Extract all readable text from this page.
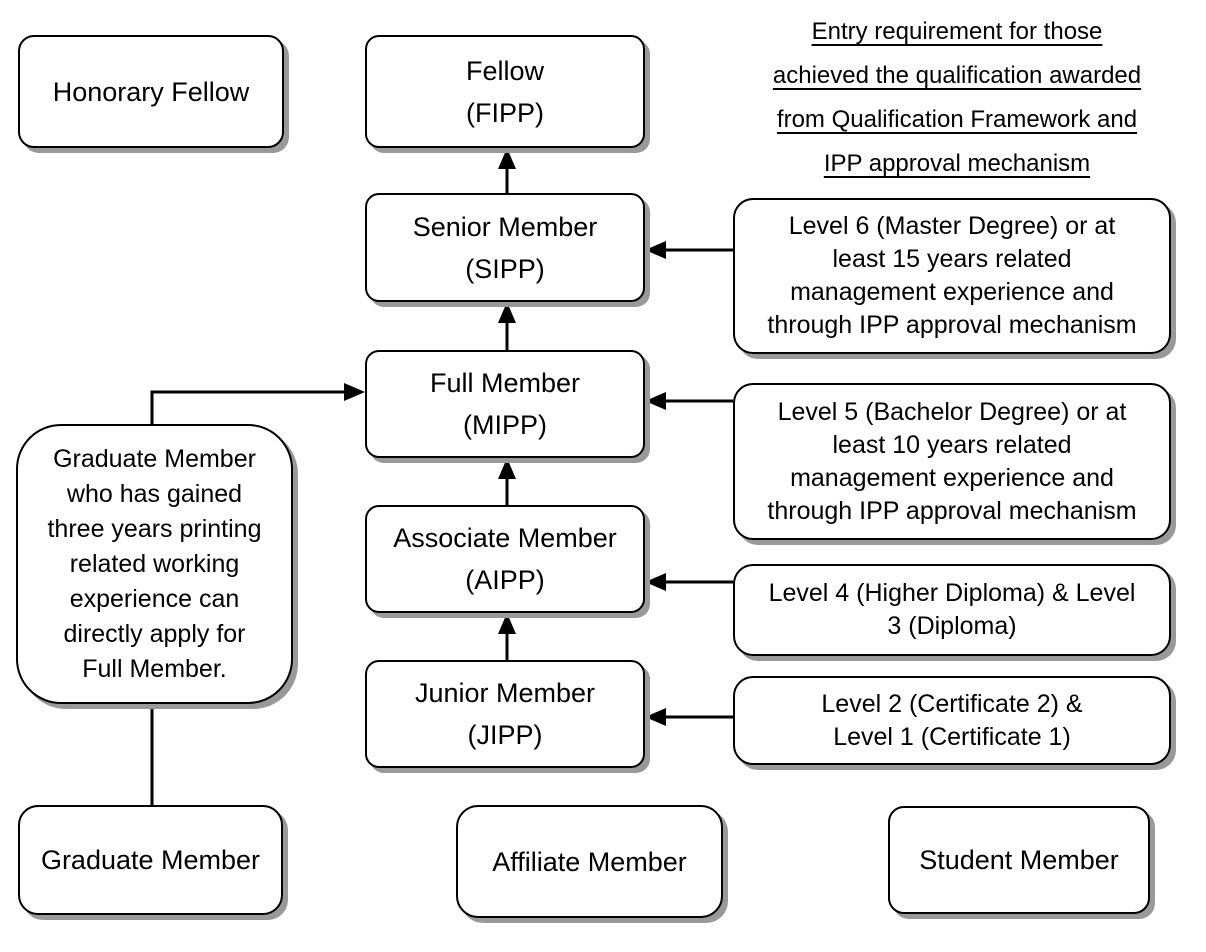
Entry requirement for those
achieved the qualification awarded
from Qualification Framework and
IPP approval mechanism
Honorary Fellow
Fellow
(FIPP)
Senior Member
(SIPP)
Full Member
(MIPP)
Associate Member
(AIPP)
Junior Member
(JIPP)
Level 6 (Master Degree) or at
least 15 years related
management experience and
through IPP approval mechanism
Level 5 (Bachelor Degree) or at
least 10 years related
management experience and
through IPP approval mechanism
Level 4 (Higher Diploma) & Level
3 (Diploma)
Level 2 (Certificate 2) &
Level 1 (Certificate 1)
Graduate Member
who has gained
three years printing
related working
experience can
directly apply for
Full Member.
Graduate Member	Affiliate Member	Student Member
